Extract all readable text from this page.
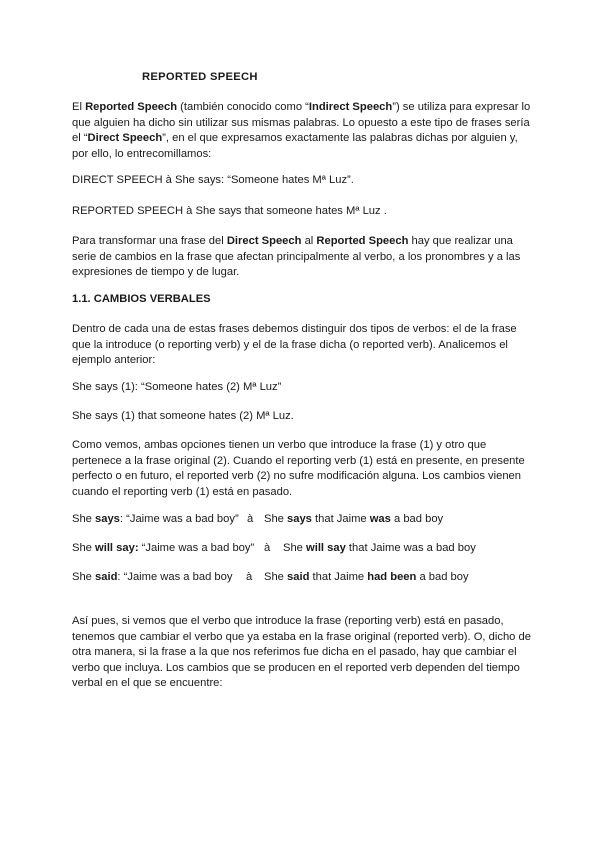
REPORTED SPEECH

El Reported Speech (también conocido como “Indirect Speech”) se utiliza para expresar lo que alguien ha dicho sin utilizar sus mismas palabras. Lo opuesto a este tipo de frases sería el “Direct Speech”, en el que expresamos exactamente las palabras dichas por alguien y, por ello, lo entrecomillamos:

DIRECT SPEECH à She says: “Someone hates Mª Luz”.

REPORTED SPEECH à She says that someone hates Mª Luz .

Para transformar una frase del Direct Speech al Reported Speech hay que realizar una serie de cambios en la frase que afectan principalmente al verbo, a los pronombres y a las expresiones de tiempo y de lugar.

1.1. CAMBIOS VERBALES

Dentro de cada una de estas frases debemos distinguir dos tipos de verbos: el de la frase que la introduce (o reporting verb) y el de la frase dicha (o reported verb). Analicemos el ejemplo anterior:

She says (1): “Someone hates (2) Mª Luz”

She says (1) that someone hates (2) Mª Luz.

Como vemos, ambas opciones tienen un verbo que introduce la frase (1) y otro que pertenece a la frase original (2). Cuando el reporting verb (1) está en presente, en presente perfecto o en futuro, el reported verb (2) no sufre modificación alguna. Los cambios vienen cuando el reporting verb (1) está en pasado.

She says: “Jaime was a bad boy” à She says that Jaime was a bad boy
She will say: “Jaime was a bad boy” à She will say that Jaime was a bad boy
She said: “Jaime was a bad boy à She said that Jaime had been a bad boy

Así pues, si vemos que el verbo que introduce la frase (reporting verb) está en pasado, tenemos que cambiar el verbo que ya estaba en la frase original (reported verb). O, dicho de otra manera, si la frase a la que nos referimos fue dicha en el pasado, hay que cambiar el verbo que incluya. Los cambios que se producen en el reported verb dependen del tiempo verbal en el que se encuentre:
